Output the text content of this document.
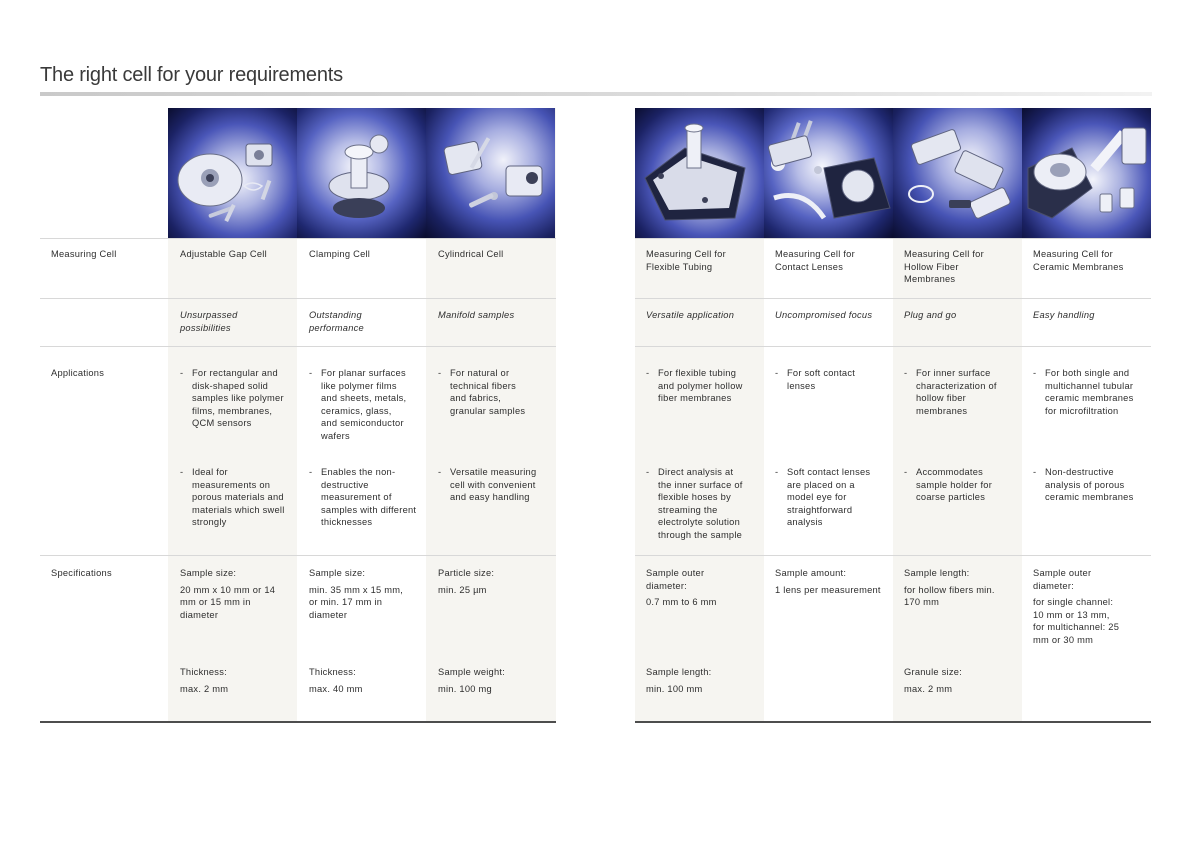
The right cell for your requirements
Measuring Cell
Applications
Specifications
Adjustable Gap Cell
Unsurpassed possibilities
- For rectangular and disk-shaped solid samples like polymer films, membranes, QCM sensors
- Ideal for measurements on porous materials and materials which swell strongly
Sample size:
20 mm x 10 mm or 14 mm or 15 mm in diameter
Thickness:
max. 2 mm
Clamping Cell
Outstanding performance
- For planar surfaces like polymer films and sheets, metals, ceramics, glass, and semiconductor wafers
- Enables the non-destructive measurement of samples with different thicknesses
Sample size:
min. 35 mm x 15 mm, or min. 17 mm in diameter
Thickness:
max. 40 mm
Cylindrical Cell
Manifold samples
- For natural or technical fibers and fabrics, granular samples
- Versatile measuring cell with convenient and easy handling
Particle size:
min. 25 µm
Sample weight:
min. 100 mg
Measuring Cell for Flexible Tubing
Versatile application
- For flexible tubing and polymer hollow fiber membranes
- Direct analysis at the inner surface of flexible hoses by streaming the electrolyte solution through the sample
Sample outer diameter:
0.7 mm to 6 mm
Sample length:
min. 100 mm
Measuring Cell for Contact Lenses
Uncompromised focus
- For soft contact lenses
- Soft contact lenses are placed on a model eye for straightforward analysis
Sample amount:
1 lens per measurement
Measuring Cell for Hollow Fiber Membranes
Plug and go
- For inner surface characterization of hollow fiber membranes
- Accommodates sample holder for coarse particles
Sample length:
for hollow fibers min. 170 mm
Granule size:
max. 2 mm
Measuring Cell for Ceramic Membranes
Easy handling
- For both single and multichannel tubular ceramic membranes for microfiltration
- Non-destructive analysis of porous ceramic membranes
Sample outer diameter:
for single channel: 10 mm or 13 mm, for multichannel: 25 mm or 30 mm
